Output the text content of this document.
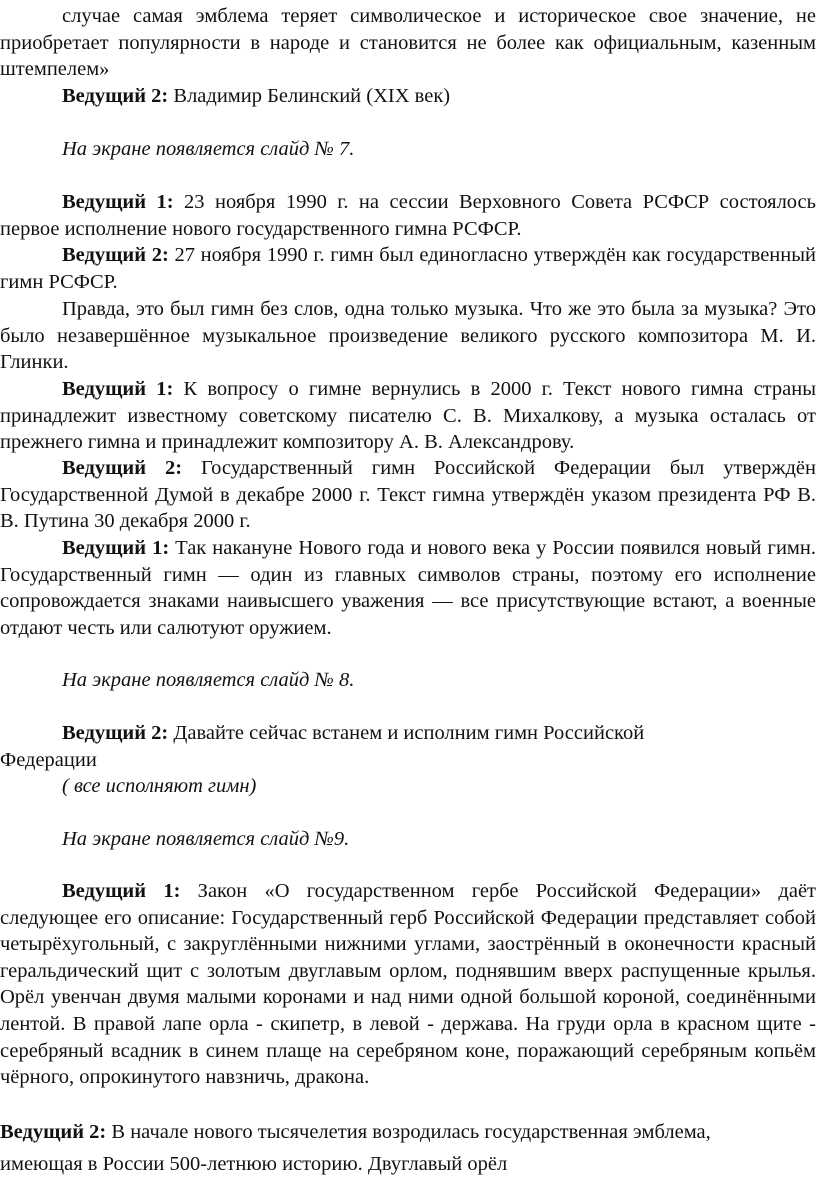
случае самая эмблема теряет символическое и историческое свое значение, не приобретает популярности в народе и становится не более как официальным, казенным штемпелем»

Ведущий 2: Владимир Белинский (XIX век)

На экране появляется слайд № 7.

Ведущий 1: 23 ноября 1990 г. на сессии Верховного Совета РСФСР состоялось первое исполнение нового государственного гимна РСФСР.

Ведущий 2: 27 ноября 1990 г. гимн был единогласно утверждён как государственный гимн РСФСР.

Правда, это был гимн без слов, одна только музыка. Что же это была за музыка? Это было незавершённое музыкальное произведение великого русского композитора М. И. Глинки.

Ведущий 1: К вопросу о гимне вернулись в 2000 г. Текст нового гимна страны принадлежит известному советскому писателю С. В. Михалкову, а музыка осталась от прежнего гимна и принадлежит композитору А. В. Александрову.

Ведущий 2: Государственный гимн Российской Федерации был утверждён Государственной Думой в декабре 2000 г. Текст гимна утверждён указом президента РФ В. В. Путина 30 декабря 2000 г.

Ведущий 1: Так накануне Нового года и нового века у России появился новый гимн. Государственный гимн — один из главных символов страны, поэтому его исполнение сопровождается знаками наивысшего уважения — все присутствующие встают, а военные отдают честь или салютуют оружием.

На экране появляется слайд № 8.

Ведущий 2: Давайте сейчас встанем и исполним гимн Российской

Федерации

( все исполняют гимн)

На экране появляется слайд №9.

Ведущий 1: Закон «О государственном гербе Российской Федерации» даёт следующее его описание: Государственный герб Российской Федерации представляет собой четырёхугольный, с закруглёнными нижними углами, заострённый в оконечности красный геральдический щит с золотым двуглавым орлом, поднявшим вверх распущенные крылья. Орёл увенчан двумя малыми коронами и над ними одной большой короной, соединёнными лентой. В правой лапе орла - скипетр, в левой - держава. На груди орла в красном щите - серебряный всадник в синем плаще на серебряном коне, поражающий серебряным копьём чёрного, опрокинутого навзничь, дракона.

Ведущий 2: В начале нового тысячелетия возродилась государственная эмблема,

имеющая в России 500-летнюю историю. Двуглавый орёл
